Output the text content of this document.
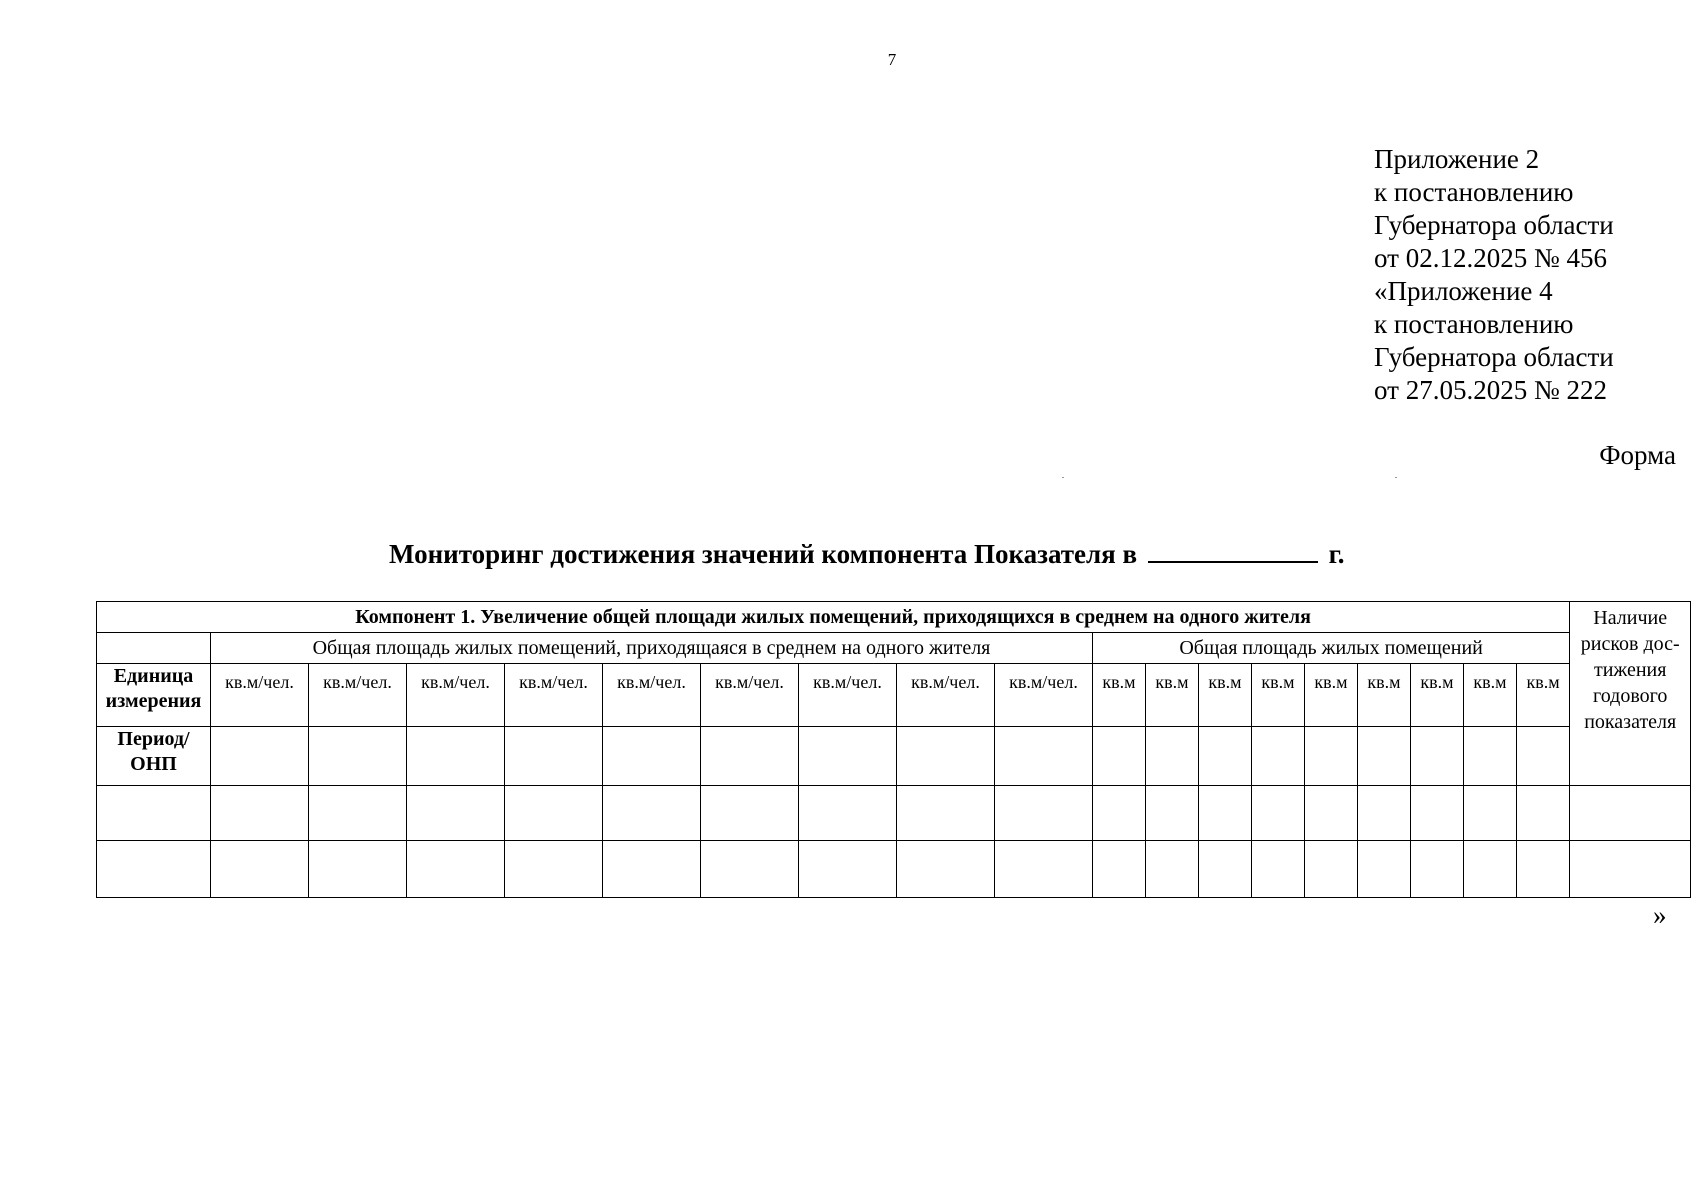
7
Приложение 2
к постановлению
Губернатора области
от 02.12.2025 № 456
«Приложение 4
к постановлению
Губернатора области
от 27.05.2025 № 222
Форма
Мониторинг достижения значений компонента Показателя в	г.
Компонент 1. Увеличение общей площади жилых помещений, приходящихся в среднем на одного жителя																			Наличие рисков дос-тижения годового показателя
	Общая площадь жилых помещений, приходящаяся в среднем на одного жителя									Общая площадь жилых помещений									
Единица измерения	кв.м/чел.	кв.м/чел.	кв.м/чел.	кв.м/чел.	кв.м/чел.	кв.м/чел.	кв.м/чел.	кв.м/чел.	кв.м/чел.	кв.м	кв.м	кв.м	кв.м	кв.м	кв.м	кв.м	кв.м	кв.м	
Период/ ОНП																			

»
